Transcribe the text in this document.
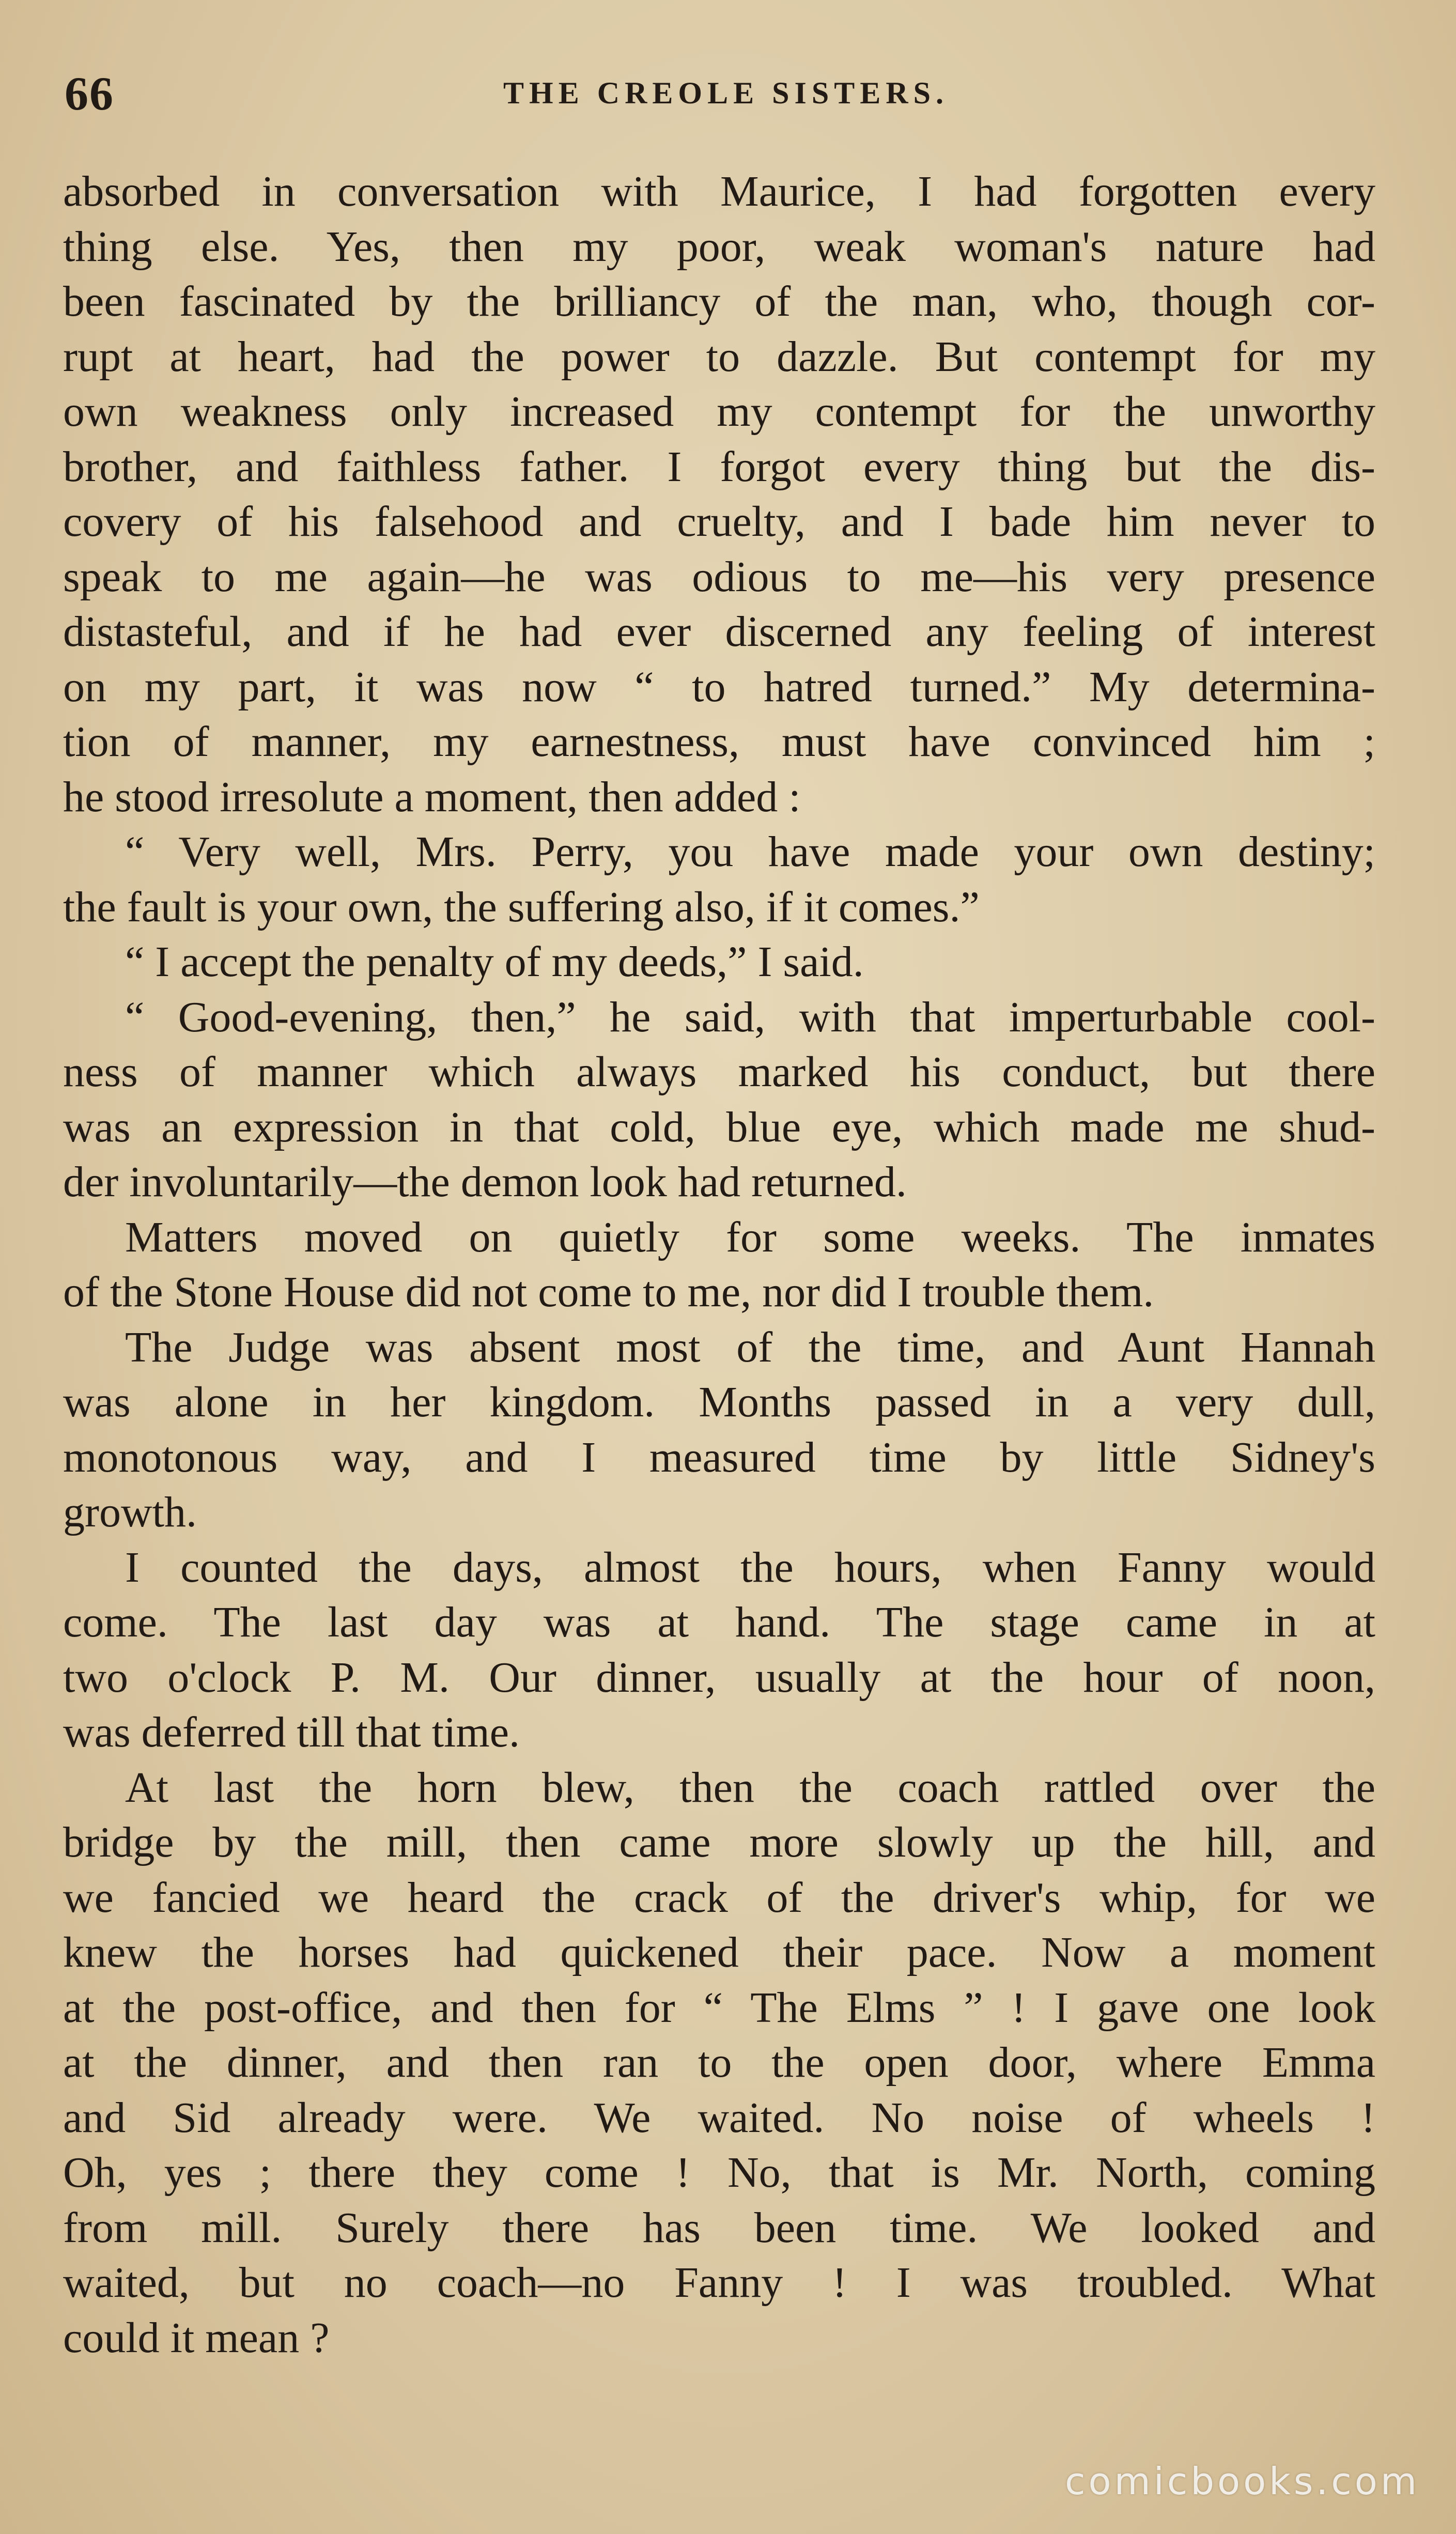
66	THE CREOLE SISTERS.
absorbed in conversation with Maurice, I had forgotten every
thing else. Yes, then my poor, weak woman's nature had
been fascinated by the brilliancy of the man, who, though cor-
rupt at heart, had the power to dazzle. But contempt for my
own weakness only increased my contempt for the unworthy
brother, and faithless father. I forgot every thing but the dis-
covery of his falsehood and cruelty, and I bade him never to
speak to me again—he was odious to me—his very presence
distasteful, and if he had ever discerned any feeling of interest
on my part, it was now “ to hatred turned.” My determina-
tion of manner, my earnestness, must have convinced him ;
he stood irresolute a moment, then added :
“ Very well, Mrs. Perry, you have made your own destiny;
the fault is your own, the suffering also, if it comes.”
“ I accept the penalty of my deeds,” I said.
“ Good-evening, then,” he said, with that imperturbable cool-
ness of manner which always marked his conduct, but there
was an expression in that cold, blue eye, which made me shud-
der involuntarily—the demon look had returned.
Matters moved on quietly for some weeks. The inmates
of the Stone House did not come to me, nor did I trouble them.
The Judge was absent most of the time, and Aunt Hannah
was alone in her kingdom. Months passed in a very dull,
monotonous way, and I measured time by little Sidney's
growth.
I counted the days, almost the hours, when Fanny would
come. The last day was at hand. The stage came in at
two o'clock P. M. Our dinner, usually at the hour of noon,
was deferred till that time.
At last the horn blew, then the coach rattled over the
bridge by the mill, then came more slowly up the hill, and
we fancied we heard the crack of the driver's whip, for we
knew the horses had quickened their pace. Now a moment
at the post-office, and then for “ The Elms ” ! I gave one look
at the dinner, and then ran to the open door, where Emma
and Sid already were. We waited. No noise of wheels !
Oh, yes ; there they come ! No, that is Mr. North, coming
from mill. Surely there has been time. We looked and
waited, but no coach—no Fanny ! I was troubled. What
could it mean ?
comicbooks.com
